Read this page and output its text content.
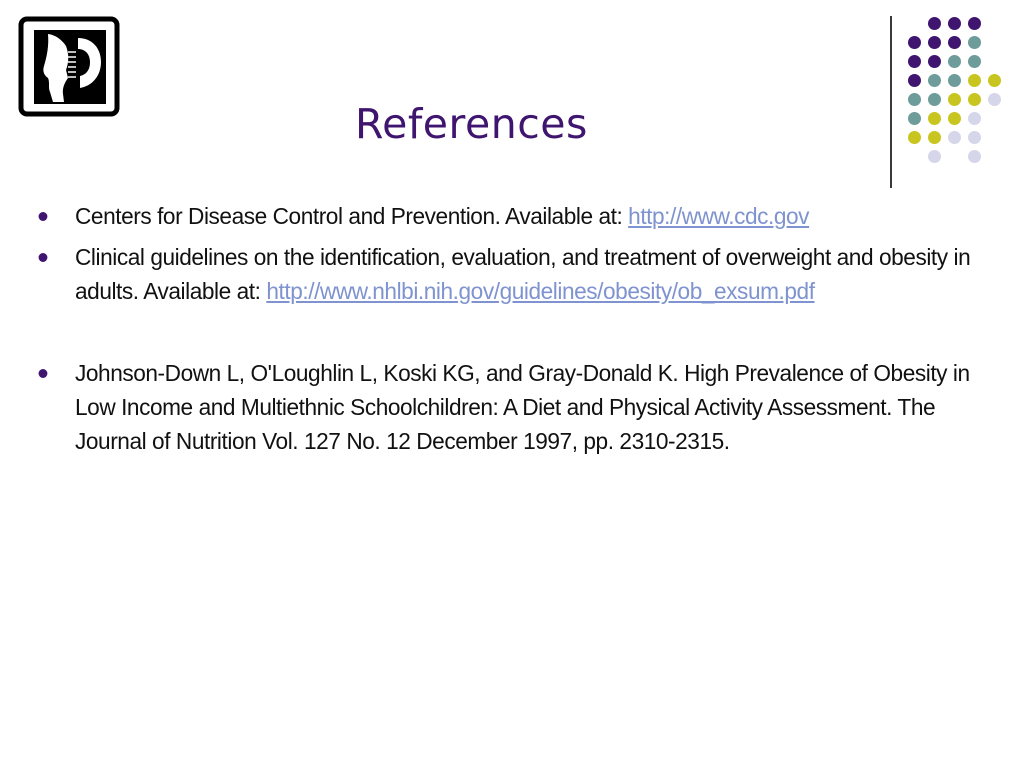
References
Centers for Disease Control and Prevention. Available at: http://www.cdc.gov
Clinical guidelines on the identification, evaluation, and treatment of overweight and obesity in adults. Available at: http://www.nhlbi.nih.gov/guidelines/obesity/ob_exsum.pdf
Johnson-Down L, O'Loughlin L, Koski KG, and Gray-Donald K. High Prevalence of Obesity in Low Income and Multiethnic Schoolchildren: A Diet and Physical Activity Assessment. The Journal of Nutrition Vol. 127 No. 12 December 1997, pp. 2310-2315.
